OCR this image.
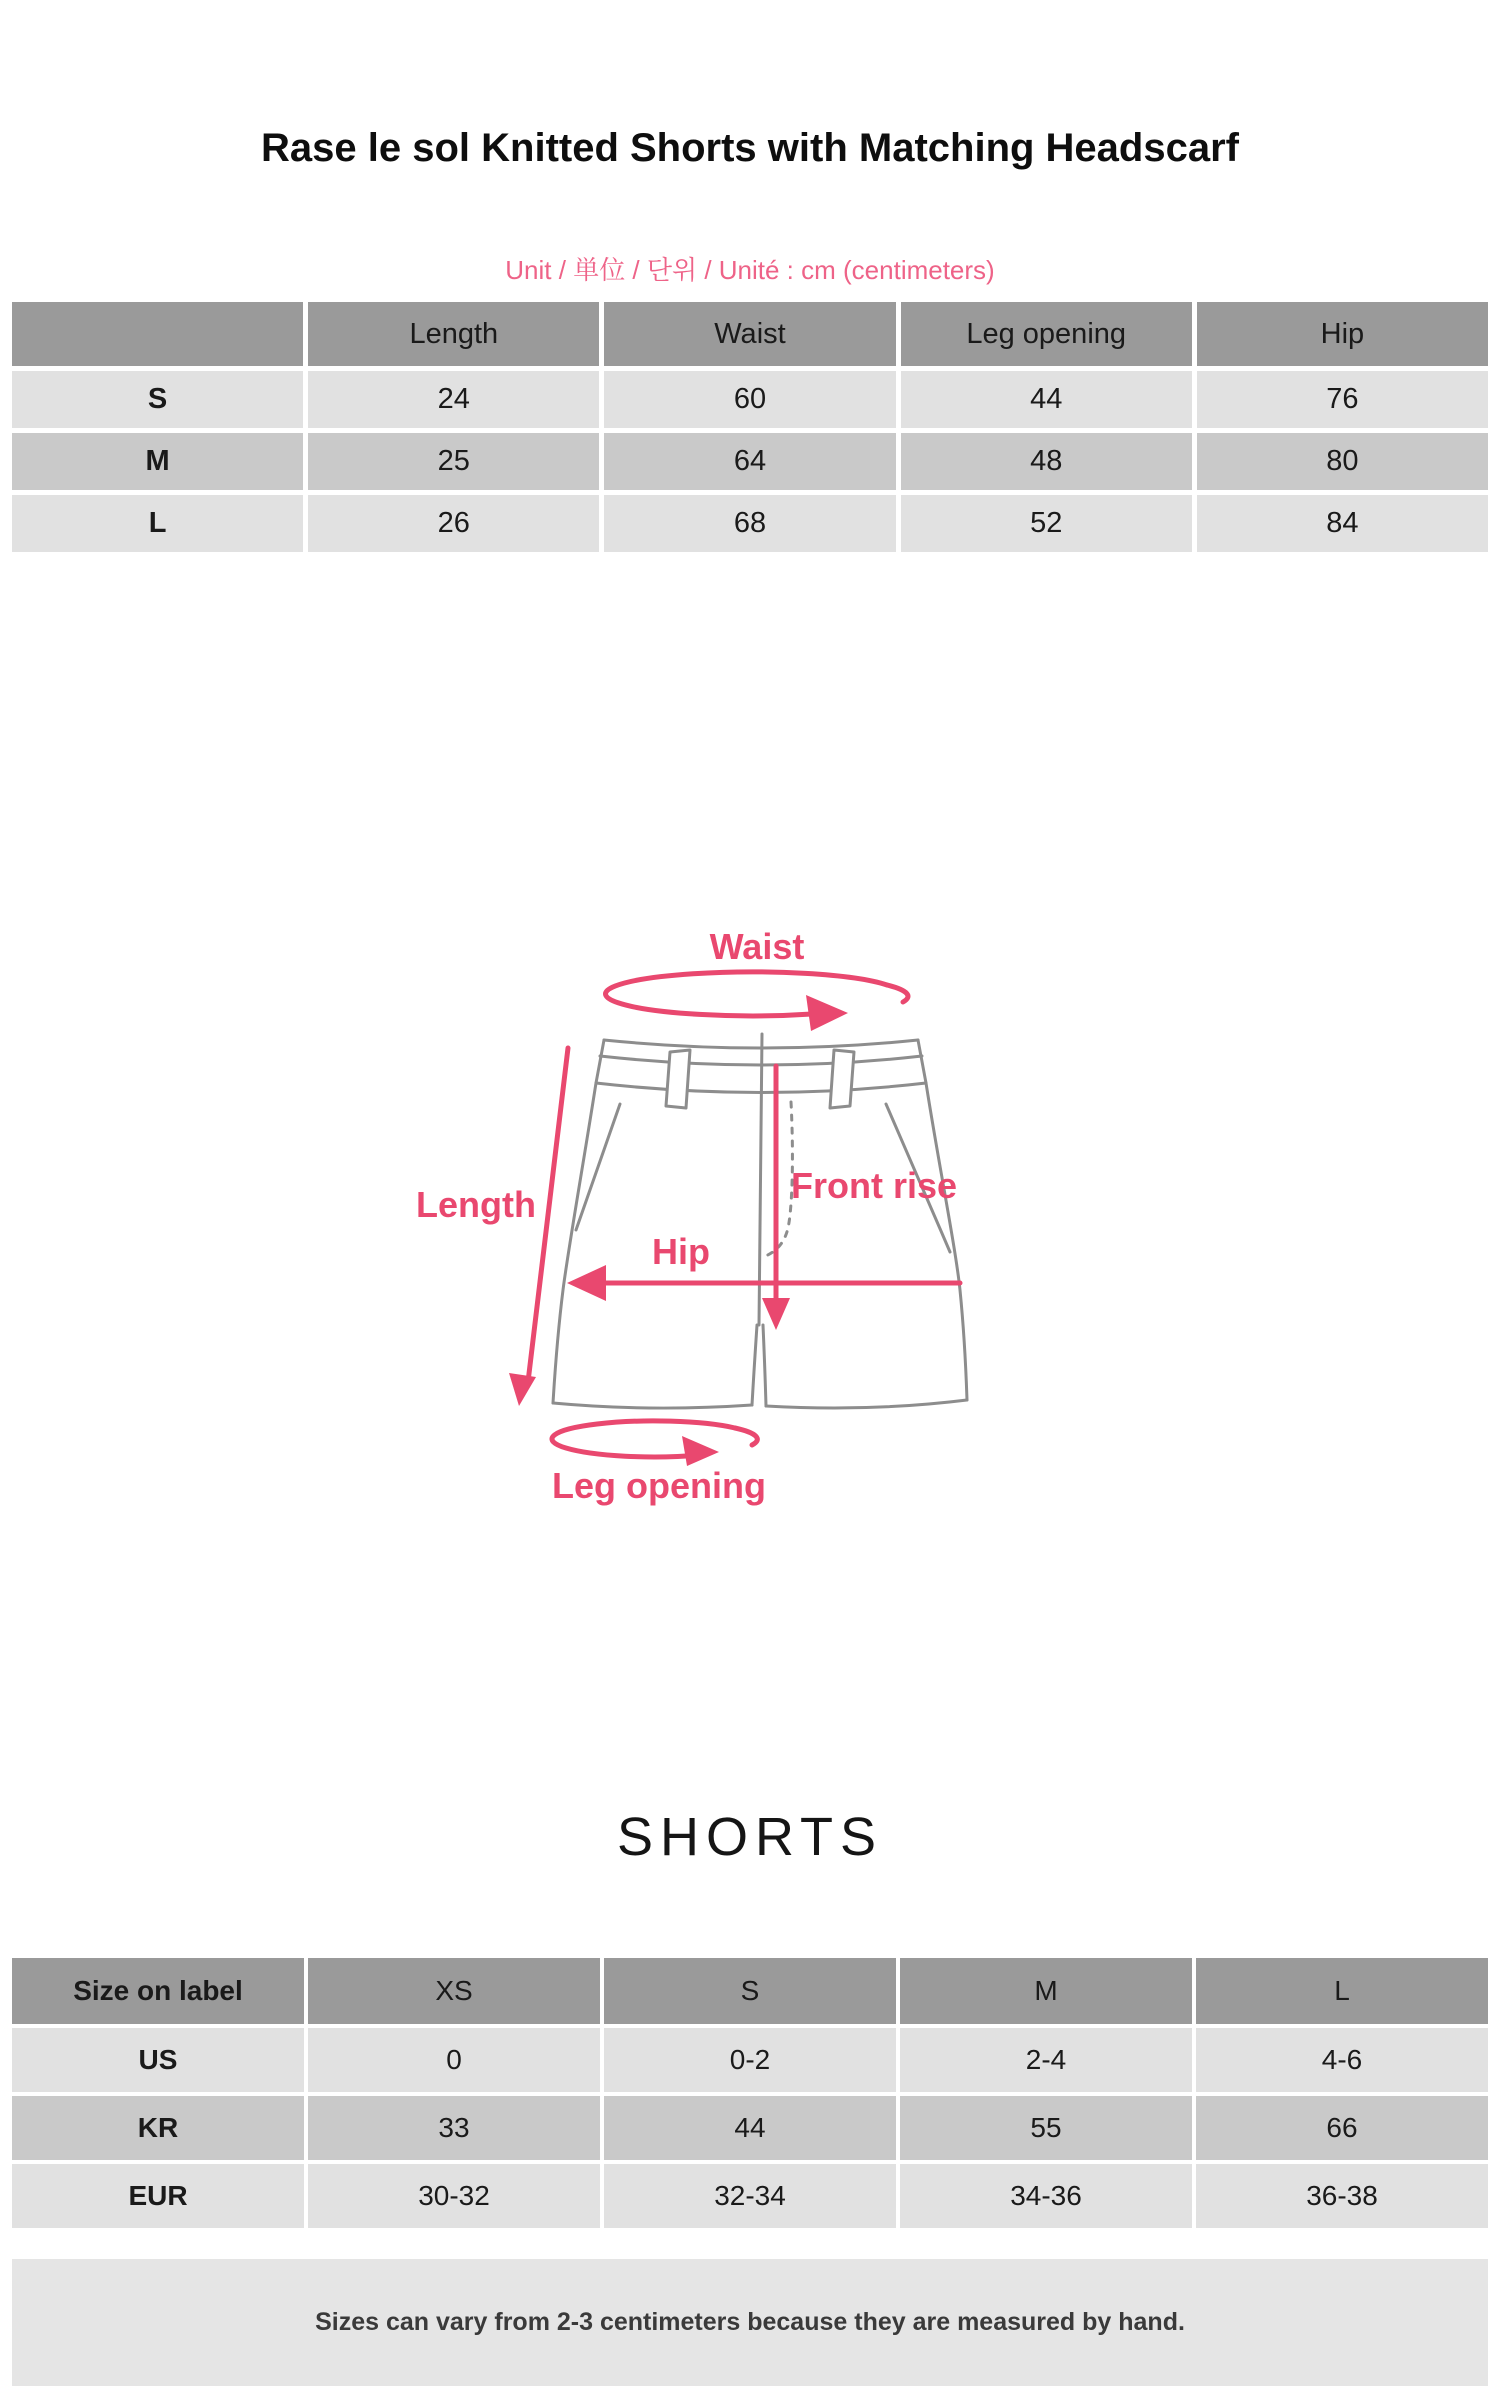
Rase le sol Knitted Shorts with Matching Headscarf
Unit / 単位 / 단위 / Unité : cm (centimeters)
Length	Waist	Leg opening	Hip
S	24	60	44	76
M	25	64	48	80
L	26	68	52	84
Waist
Length	Front rise
Hip
Leg opening
SHORTS
Size on label	XS	S	M	L
US	0	0-2	2-4	4-6
KR	33	44	55	66
EUR	30-32	32-34	34-36	36-38
Sizes can vary from 2-3 centimeters because they are measured by hand.
